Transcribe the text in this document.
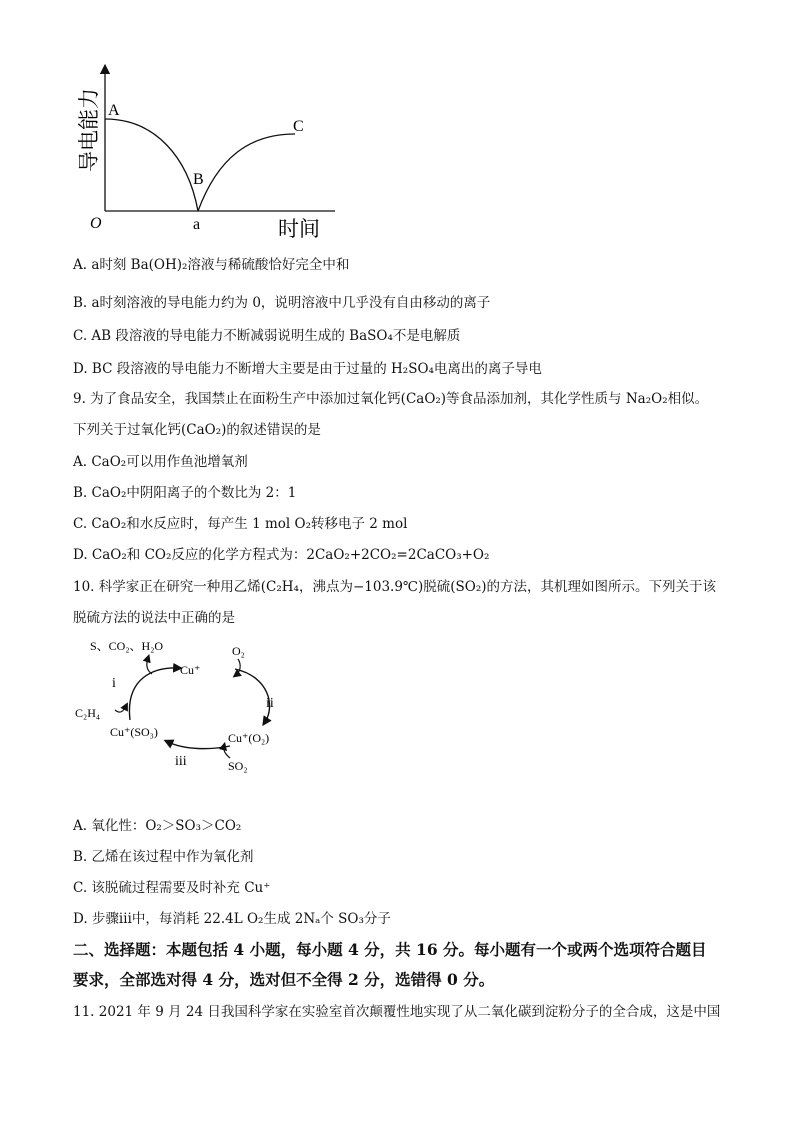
导电能力 A
B
C
O	a	时间
A. a时刻 Ba(OH)₂溶液与稀硫酸恰好完全中和
B. a时刻溶液的导电能力约为 0，说明溶液中几乎没有自由移动的离子
C. AB 段溶液的导电能力不断减弱说明生成的 BaSO₄不是电解质
D. BC 段溶液的导电能力不断增大主要是由于过量的 H₂SO₄电离出的离子导电
9. 为了食品安全，我国禁止在面粉生产中添加过氧化钙(CaO₂)等食品添加剂，其化学性质与 Na₂O₂相似。
下列关于过氧化钙(CaO₂)的叙述错误的是
A. CaO₂可以用作鱼池增氧剂
B. CaO₂中阴阳离子的个数比为 2：1
C. CaO₂和水反应时，每产生 1 mol O₂转移电子 2 mol
D. CaO₂和 CO₂反应的化学方程式为：2CaO₂+2CO₂=2CaCO₃+O₂
10. 科学家正在研究一种用乙烯(C₂H₄，沸点为−103.9℃)脱硫(SO₂)的方法，其机理如图所示。下列关于该
脱硫方法的说法中正确的是
S、CO₂、H₂O
Cu⁺
O₂
i
ii
C₂H₄
Cu⁺(SO₃)	Cu⁺(O₂)
iii	SO₂
A. 氧化性：O₂＞SO₃＞CO₂
B. 乙烯在该过程中作为氧化剂
C. 该脱硫过程需要及时补充 Cu⁺
D. 步骤ⅲ中，每消耗 22.4L O₂生成 2Nₐ个 SO₃分子
二、选择题：本题包括 4 小题，每小题 4 分，共 16 分。每小题有一个或两个选项符合题目
要求，全部选对得 4 分，选对但不全得 2 分，选错得 0 分。
11. 2021 年 9 月 24 日我国科学家在实验室首次颠覆性地实现了从二氧化碳到淀粉分子的全合成，这是中国
